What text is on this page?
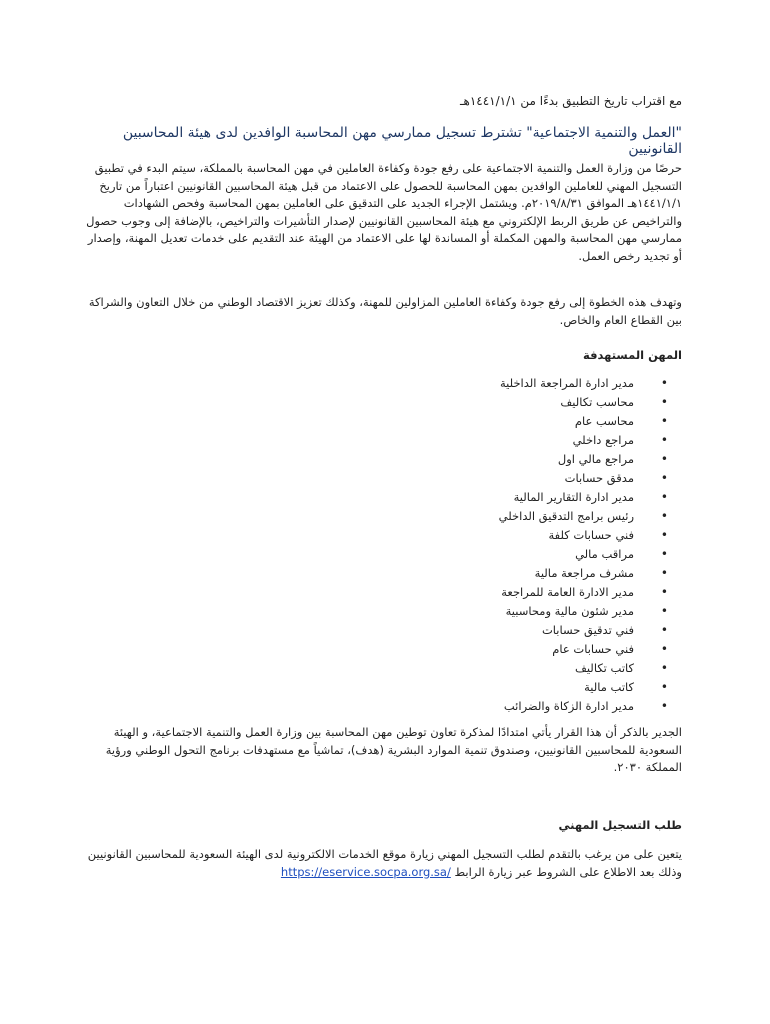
مع اقتراب تاريخ التطبيق بدءًا من ١٤٤١/١/١هـ
"العمل والتنمية الاجتماعية" تشترط تسجيل ممارسي مهن المحاسبة الوافدين لدى هيئة المحاسبين القانونيين
حرصًا من وزارة العمل والتنمية الاجتماعية على رفع جودة وكفاءة العاملين في مهن المحاسبة بالمملكة، سيتم البدء في تطبيق التسجيل المهني للعاملين الوافدين بمهن المحاسبة للحصول على الاعتماد من قبل هيئة المحاسبين القانونيين اعتباراً من تاريخ ١٤٤١/١/١هـ الموافق ٢٠١٩/٨/٣١م. ويشتمل الإجراء الجديد على التدقيق على العاملين بمهن المحاسبة وفحص الشهادات والتراخيص عن طريق الربط الإلكتروني مع هيئة المحاسبين القانونيين لإصدار التأشيرات والتراخيص، بالإضافة إلى وجوب حصول ممارسي مهن المحاسبة والمهن المكملة أو المساندة لها على الاعتماد من الهيئة عند التقديم على خدمات تعديل المهنة، وإصدار أو تجديد رخص العمل.
وتهدف هذه الخطوة إلى رفع جودة وكفاءة العاملين المزاولين للمهنة، وكذلك تعزيز الاقتصاد الوطني من خلال التعاون والشراكة بين القطاع العام والخاص.
المهن المستهدفة
• مدير ادارة المراجعة الداخلية
• محاسب تكاليف
• محاسب عام
• مراجع داخلي
• مراجع مالي اول
• مدقق حسابات
• مدير ادارة التقارير المالية
• رئيس برامج التدقيق الداخلي
• فني حسابات كلفة
• مراقب مالي
• مشرف مراجعة مالية
• مدير الادارة العامة للمراجعة
• مدير شئون مالية ومحاسبية
• فني تدقيق حسابات
• فني حسابات عام
• كاتب تكاليف
• كاتب مالية
• مدير ادارة الزكاة والضرائب
الجدير بالذكر أن هذا القرار يأتي امتدادًا لمذكرة تعاون توطين مهن المحاسبة بين وزارة العمل والتنمية الاجتماعية، و الهيئة السعودية للمحاسبين القانونيين، وصندوق تنمية الموارد البشرية (هدف)، تماشياً مع مستهدفات برنامج التحول الوطني ورؤية المملكة ٢٠٣٠.
طلب التسجيل المهني
يتعين على من يرغب بالتقدم لطلب التسجيل المهني زيارة موقع الخدمات الالكترونية لدى الهيئة السعودية للمحاسبين القانونيين وذلك بعد الاطلاع على الشروط عبر زيارة الرابط https://eservice.socpa.org.sa/
